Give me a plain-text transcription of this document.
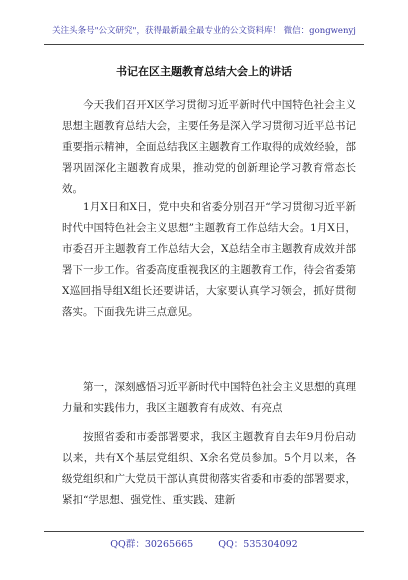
关注头条号"公文研究"，获得最新最全最专业的公文资料库！ 微信：gongwenyj
书记在区主题教育总结大会上的讲话

今天我们召开X区学习贯彻习近平新时代中国特色社会主义思想主题教育总结大会，主要任务是深入学习贯彻习近平总书记重要指示精神，全面总结我区主题教育工作取得的成效经验，部署巩固深化主题教育成果，推动党的创新理论学习教育常态长效。

1月X日和X日，党中央和省委分别召开“学习贯彻习近平新时代中国特色社会主义思想”主题教育工作总结大会。1月X日，市委召开主题教育工作总结大会，X总结全市主题教育成效并部署下一步工作。省委高度重视我区的主题教育工作，待会省委第X巡回指导组X组长还要讲话，大家要认真学习领会，抓好贯彻落实。下面我先讲三点意见。

第一，深刻感悟习近平新时代中国特色社会主义思想的真理力量和实践伟力，我区主题教育有成效、有亮点

按照省委和市委部署要求，我区主题教育自去年9月份启动以来，共有X个基层党组织、X余名党员参加。5个月以来，各级党组织和广大党员干部认真贯彻落实省委和市委的部署要求，紧扣“学思想、强党性、重实践、建新

QQ群：30265665	QQ：535304092
